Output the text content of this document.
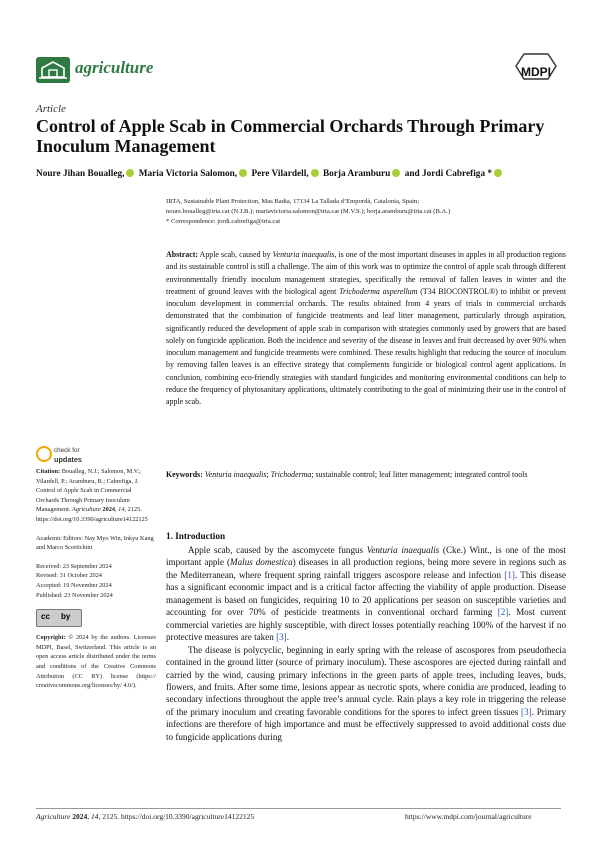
agriculture	MDPI
Article
Control of Apple Scab in Commercial Orchards Through Primary Inoculum Management
Noure Jihan Boualleg, Maria Victoria Salomon, Pere Vilardell, Borja Aramburu and Jordi Cabrefiga *
IRTA, Sustainable Plant Protection, Mas Badia, 17134 La Tallada d’Empordà, Catalonia, Spain;
noure.boualleg@irta.cat (N.J.B.); mariavictoria.salomon@irta.cat (M.V.S.); borja.aramburu@irta.cat (B.A.)
* Correspondence: jordi.cabrefiga@irta.cat
Abstract: Apple scab, caused by Venturia inaequalis, is one of the most important diseases in apples in all production regions and its sustainable control is still a challenge. The aim of this work was to optimize the control of apple scab through different environmentally friendly inoculum management strategies, specifically the removal of fallen leaves in winter and the treatment of ground leaves with the biological agent Trichoderma asperellum (T34 BIOCONTROL®) to inhibit or prevent inoculum development in commercial orchards. The results obtained from 4 years of trials in commercial orchards demonstrated that the combination of fungicide treatments and leaf litter management, particularly through aspiration, significantly reduced the development of apple scab in comparison with strategies commonly used by growers that are based solely on fungicide application. Both the incidence and severity of the disease in leaves and fruit decreased by over 90% when inoculum management and fungicide treatments were combined. These results highlight that reducing the source of inoculum by removing fallen leaves is an effective strategy that complements fungicide or biological control agent applications. In conclusion, combining eco-friendly strategies with standard fungicides and monitoring environmental conditions can help to reduce the frequency of phytosanitary applications, ultimately contributing to the goal of minimizing their use in the control of apple scab.
Keywords: Venturia inaequalis; Trichoderma; sustainable control; leaf litter management; integrated control tools
check for
updates

Citation: Boualleg, N.J.; Salomon, M.V.; Vilardell, P.; Aramburu, B.; Cabrefiga, J. Control of Apple Scab in Commercial Orchards Through Primary Inoculum Management. Agriculture 2024, 14, 2125. https://doi.org/10.3390/agriculture14122125

Academic Editors: Nay Myo Win, Inkyu Kang and Marco Scortichini

Received: 23 September 2024

Revised: 31 October 2024

Accepted: 19 November 2024

Published: 23 November 2024

cc by

Copyright: © 2024 by the authors. Licensee MDPI, Basel, Switzerland. This article is an open access article distributed under the terms and conditions of the Creative Commons Attribution (CC BY) license (https:// creativecommons.org/licenses/by/ 4.0/).

1. Introduction

Apple scab, caused by the ascomycete fungus Venturia inaequalis (Cke.) Wint., is one of the most important apple (Malus domestica) diseases in all production regions, being more severe in regions such as the Mediterranean, where frequent spring rainfall triggers ascospore release and infection [1]. This disease has a significant economic impact and is a critical factor affecting the viability of apple production. Disease management is based on fungicides, requiring 10 to 20 applications per season on susceptible varieties and accounting for over 70% of pesticide treatments in conventional orchard farming [2]. Most current commercial varieties are highly susceptible, with direct losses potentially reaching 100% of the harvest if no protective measures are taken [3].

The disease is polycyclic, beginning in early spring with the release of ascospores from pseudothecia contained in the ground litter (source of primary inoculum). These ascospores are ejected during rainfall and carried by the wind, causing primary infections in the green parts of apple trees, including leaves, buds, flowers, and fruits. After some time, lesions appear as necrotic spots, where conidia are produced, leading to secondary infections throughout the apple tree’s annual cycle. Rain plays a key role in triggering the release of the primary inoculum and creating favorable conditions for the spores to infect green tissues [3]. Primary infections are therefore of high importance and must be effectively suppressed to avoid additional costs due to fungicide applications during

Agriculture 2024, 14, 2125. https://doi.org/10.3390/agriculture14122125	https://www.mdpi.com/journal/agriculture
